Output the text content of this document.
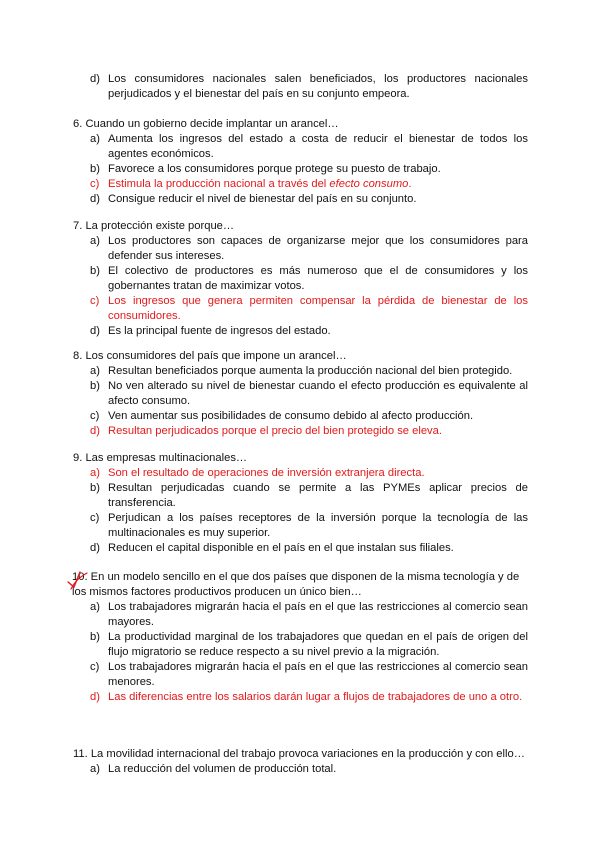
d) Los consumidores nacionales salen beneficiados, los productores nacionales perjudicados y el bienestar del país en su conjunto empeora.

6. Cuando un gobierno decide implantar un arancel…

a) Aumenta los ingresos del estado a costa de reducir el bienestar de todos los agentes económicos.
b) Favorece a los consumidores porque protege su puesto de trabajo.
c) Estimula la producción nacional a través del efecto consumo.
d) Consigue reducir el nivel de bienestar del país en su conjunto.

7. La protección existe porque…

a) Los productores son capaces de organizarse mejor que los consumidores para defender sus intereses.
b) El colectivo de productores es más numeroso que el de consumidores y los gobernantes tratan de maximizar votos.
c) Los ingresos que genera permiten compensar la pérdida de bienestar de los consumidores.
d) Es la principal fuente de ingresos del estado.

8. Los consumidores del país que impone un arancel…

a) Resultan beneficiados porque aumenta la producción nacional del bien protegido.
b) No ven alterado su nivel de bienestar cuando el efecto producción es equivalente al afecto consumo.
c) Ven aumentar sus posibilidades de consumo debido al afecto producción.
d) Resultan perjudicados porque el precio del bien protegido se eleva.

9. Las empresas multinacionales…

a) Son el resultado de operaciones de inversión extranjera directa.
b) Resultan perjudicadas cuando se permite a las PYMEs aplicar precios de transferencia.
c) Perjudican a los países receptores de la inversión porque la tecnología de las multinacionales es muy superior.
d) Reducen el capital disponible en el país en el que instalan sus filiales.

10. En un modelo sencillo en el que dos países que disponen de la misma tecnología y de los mismos factores productivos producen un único bien…

a) Los trabajadores migrarán hacia el país en el que las restricciones al comercio sean mayores.
b) La productividad marginal de los trabajadores que quedan en el país de origen del flujo migratorio se reduce respecto a su nivel previo a la migración.
c) Los trabajadores migrarán hacia el país en el que las restricciones al comercio sean menores.
d) Las diferencias entre los salarios darán lugar a flujos de trabajadores de uno a otro.

11. La movilidad internacional del trabajo provoca variaciones en la producción y con ello…

a) La reducción del volumen de producción total.
